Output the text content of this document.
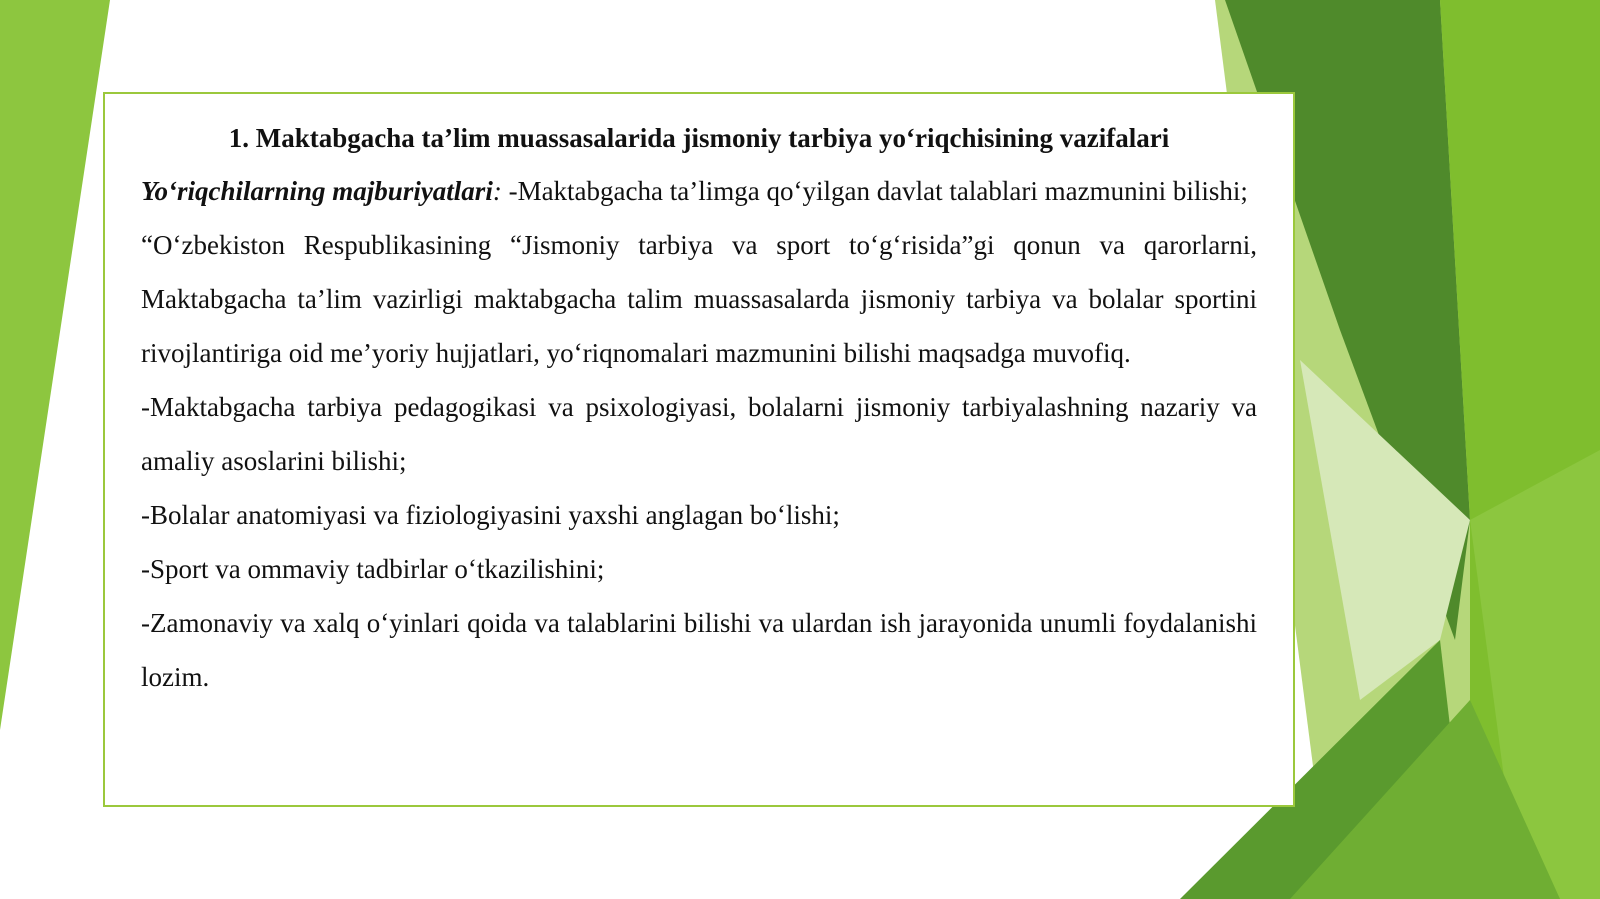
1. Maktabgacha ta’lim muassasalarida jismoniy tarbiya yo‘riqchisining vazifalari

Yo‘riqchilarning majburiyatlari: -Maktabgacha ta’limga qo‘yilgan davlat talablari mazmunini bilishi;

“O‘zbekiston Respublikasining “Jismoniy tarbiya va sport to‘g‘risida”gi qonun va qarorlarni, Maktabgacha ta’lim vazirligi maktabgacha talim muassasalarda jismoniy tarbiya va bolalar sportini rivojlantiriga oid me’yoriy hujjatlari, yo‘riqnomalari mazmunini bilishi maqsadga muvofiq.

-Maktabgacha tarbiya pedagogikasi va psixologiyasi, bolalarni jismoniy tarbiyalashning nazariy va amaliy asoslarini bilishi;

-Bolalar anatomiyasi va fiziologiyasini yaxshi anglagan bo‘lishi;

-Sport va ommaviy tadbirlar o‘tkazilishini;

-Zamonaviy va xalq o‘yinlari qoida va talablarini bilishi va ulardan ish jarayonida unumli foydalanishi lozim.
